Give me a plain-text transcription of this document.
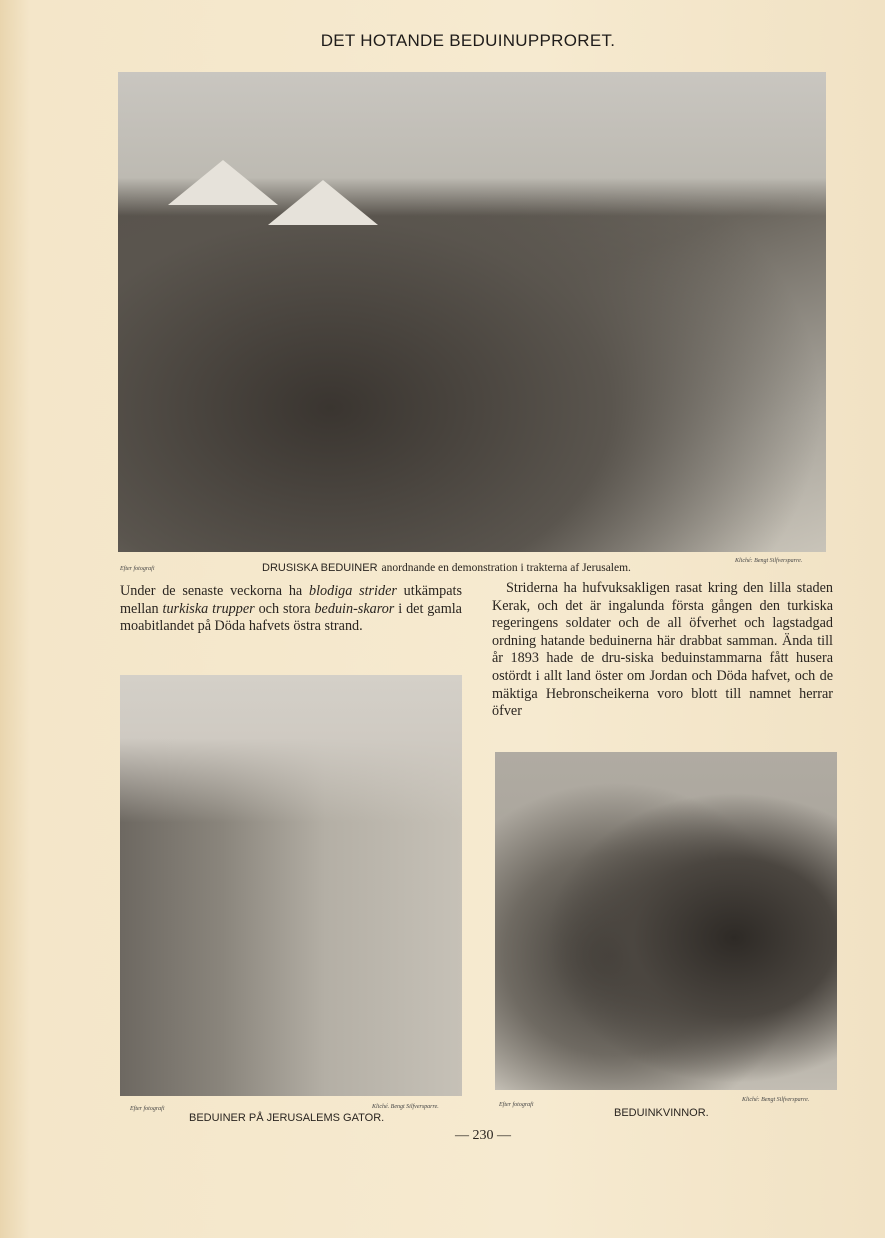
DET HOTANDE BEDUINUPPRORET.
Efter fotografi	DRUSISKA BEDUINER anordnande en demonstration i trakterna af Jerusalem.
Kliché: Bengt Silfversparre.
Under de senaste veckorna ha blodiga strider utkämpats mellan turkiska trupper och stora beduin-skaror i det gamla moabitlandet på Döda hafvets östra strand.
Striderna ha hufvuksakligen rasat kring den lilla staden Kerak, och det är ingalunda första gången den turkiska regeringens soldater och de all öfverhet och lagstadgad ordning hatande beduinerna här drabbat samman. Ända till år 1893 hade de dru-siska beduinstammarna fått husera ostördt i allt land öster om Jordan och Döda hafvet, och de mäktiga Hebronscheikerna voro blott till namnet herrar öfver
Efter fotografi	Kliché. Bengt Silfversparre.
BEDUINER PÅ JERUSALEMS GATOR.
Efter fotografi
Kliché: Bengt Silfversparre.
BEDUINKVINNOR.
— 230 —
